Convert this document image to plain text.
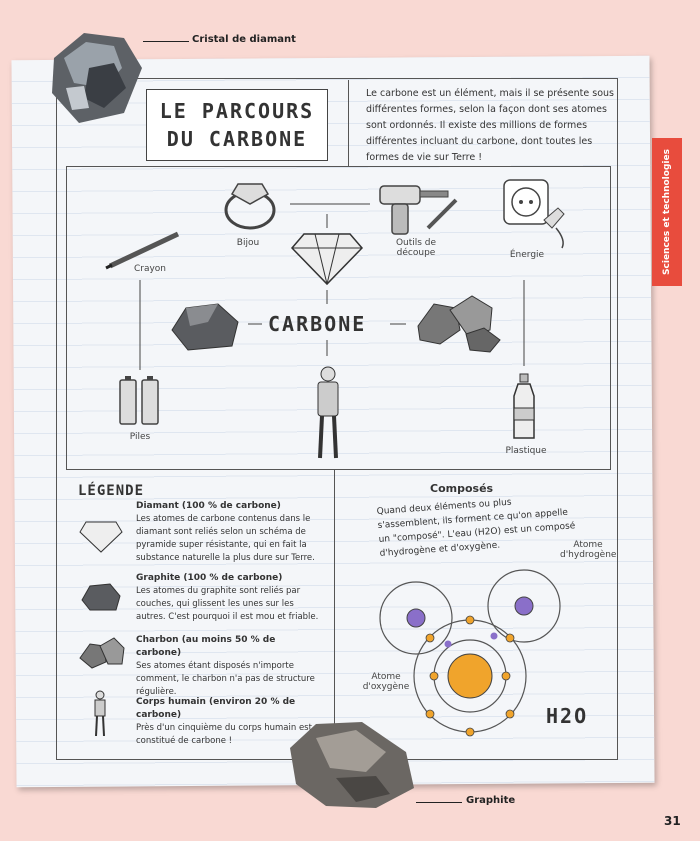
LE PARCOURS
DU CARBONE
Le carbone est un élément, mais il se présente sous différentes formes, selon la façon dont ses atomes sont ordonnés. Il existe des millions de formes différentes incluant du carbone, dont toutes les formes de vie sur Terre !	Sciences et technologies
Cristal de diamant
Bijou	Outils de découpe	Énergie
Crayon
CARBONE
Piles
Plastique
LÉGENDE
Diamant (100 % de carbone)
Les atomes de carbone contenus dans le diamant sont reliés selon un schéma de pyramide super résistante, qui en fait la substance naturelle la plus dure sur Terre.
Graphite (100 % de carbone)
Les atomes du graphite sont reliés par couches, qui glissent les unes sur les autres. C'est pourquoi il est mou et friable.
Charbon (au moins 50 % de carbone)
Ses atomes étant disposés n'importe comment, le charbon n'a pas de structure régulière.
Corps humain (environ 20 % de carbone)
Près d'un cinquième du corps humain est constitué de carbone !
Composés
Quand deux éléments ou plus s'assemblent, ils forment ce qu'on appelle un "composé". L'eau (H2O) est un composé d'hydrogène et d'oxygène.	Atome d'hydrogène
Atome d'oxygène
H2O
Graphite
31
